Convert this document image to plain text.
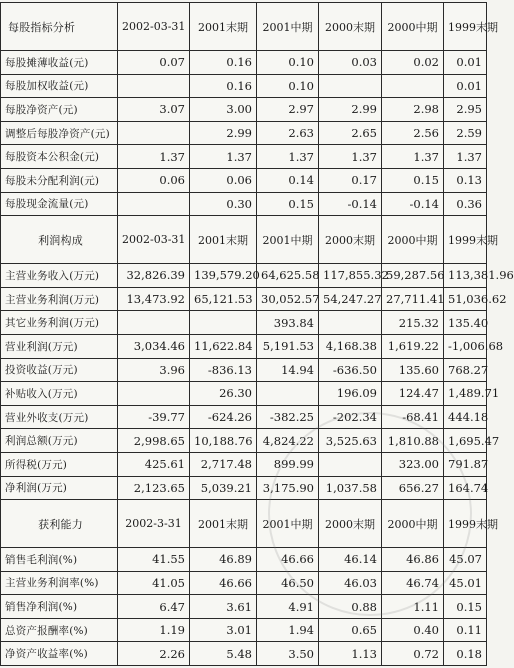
每股指标分析	2002-03-31	2001末期	2001中期	2000末期	2000中期	1999末期
每股摊薄收益(元)	0.07	0.16	0.10	0.03	0.02	0.01
每股加权收益(元)		0.16	0.10			0.01
每股净资产(元)	3.07	3.00	2.97	2.99	2.98	2.95
调整后每股净资产(元)		2.99	2.63	2.65	2.56	2.59
每股资本公积金(元)	1.37	1.37	1.37	1.37	1.37	1.37
每股未分配利润(元)	0.06	0.06	0.14	0.17	0.15	0.13
每股现金流量(元)		0.30	0.15	-0.14	-0.14	0.36
利润构成	2002-03-31	2001末期	2001中期	2000末期	2000中期	1999末期
主营业务收入(万元)	32,826.39	139,579.20	64,625.58	117,855.32	59,287.56	113,381.96
主营业务利润(万元)	13,473.92	65,121.53	30,052.57	54,247.27	27,711.41	51,036.62
其它业务利润(万元)			393.84		215.32	135.40
营业利润(万元)	3,034.46	11,622.84	5,191.53	4,168.38	1,619.22	-1,006.68
投资收益(万元)	3.96	-836.13	14.94	-636.50	135.60	768.27
补贴收入(万元)		26.30		196.09	124.47	1,489.71
营业外收支(万元)	-39.77	-624.26	-382.25	-202.34	-68.41	444.18
利润总额(万元)	2,998.65	10,188.76	4,824.22	3,525.63	1,810.88	1,695.47
所得税(万元)	425.61	2,717.48	899.99		323.00	791.87
净利润(万元)	2,123.65	5,039.21	3,175.90	1,037.58	656.27	164.74
获利能力	2002-3-31	2001末期	2001中期	2000末期	2000中期	1999末期
销售毛利润(%)	41.55	46.89	46.66	46.14	46.86	45.07
主营业务利润率(%)	41.05	46.66	46.50	46.03	46.74	45.01
销售净利润(%)	6.47	3.61	4.91	0.88	1.11	0.15
总资产报酬率(%)	1.19	3.01	1.94	0.65	0.40	0.11
净资产收益率(%)	2.26	5.48	3.50	1.13	0.72	0.18
